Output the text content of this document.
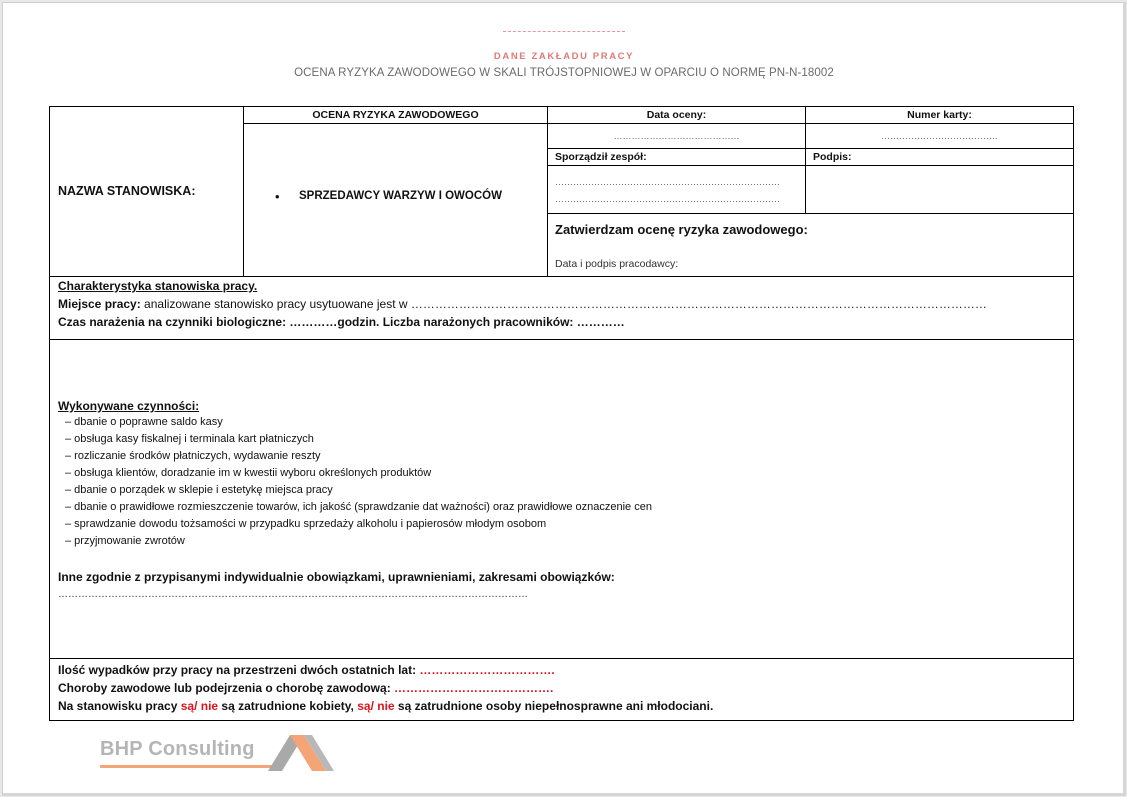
DANE ZAKŁADU PRACY
OCENA RYZYKA ZAWODOWEGO W SKALI TRÓJSTOPNIOWEJ W OPARCIU O NORMĘ PN-N-18002
NAZWA STANOWISKA:
OCENA RYZYKA ZAWODOWEGO
• SPRZEDAWCY WARZYW I OWOCÓW
Data oceny:
……………………………………
Numer karty:
…………………………………
Sporządził zespół:
…………………………………………………………………
…………………………………………………………………
Podpis:
Zatwierdzam ocenę ryzyka zawodowego:
Data i podpis pracodawcy:
Charakterystyka stanowiska pracy.
Miejsce pracy: analizowane stanowisko pracy usytuowane jest w ………………………………………………………………………………………………………………………………
Czas narażenia na czynniki biologiczne: …………godzin. Liczba narażonych pracowników: …………
Wykonywane czynności:
– dbanie o poprawne saldo kasy
– obsługa kasy fiskalnej i terminala kart płatniczych
– rozliczanie środków płatniczych, wydawanie reszty
– obsługa klientów, doradzanie im w kwestii wyboru określonych produktów
– dbanie o porządek w sklepie i estetykę miejsca pracy
– dbanie o prawidłowe rozmieszczenie towarów, ich jakość (sprawdzanie dat ważności) oraz prawidłowe oznaczenie cen
– sprawdzanie dowodu tożsamości w przypadku sprzedaży alkoholu i papierosów młodym osobom
– przyjmowanie zwrotów
Inne zgodnie z przypisanymi indywidualnie obowiązkami, uprawnieniami, zakresami obowiązków:
……………………………………………………………………………………………………………………………
Ilość wypadków przy pracy na przestrzeni dwóch ostatnich lat: …………………………….
Choroby zawodowe lub podejrzenia o chorobę zawodową: ………………………………….
Na stanowisku pracy są/ nie są zatrudnione kobiety, są/ nie są zatrudnione osoby niepełnosprawne ani młodociani.
BHP Consulting
